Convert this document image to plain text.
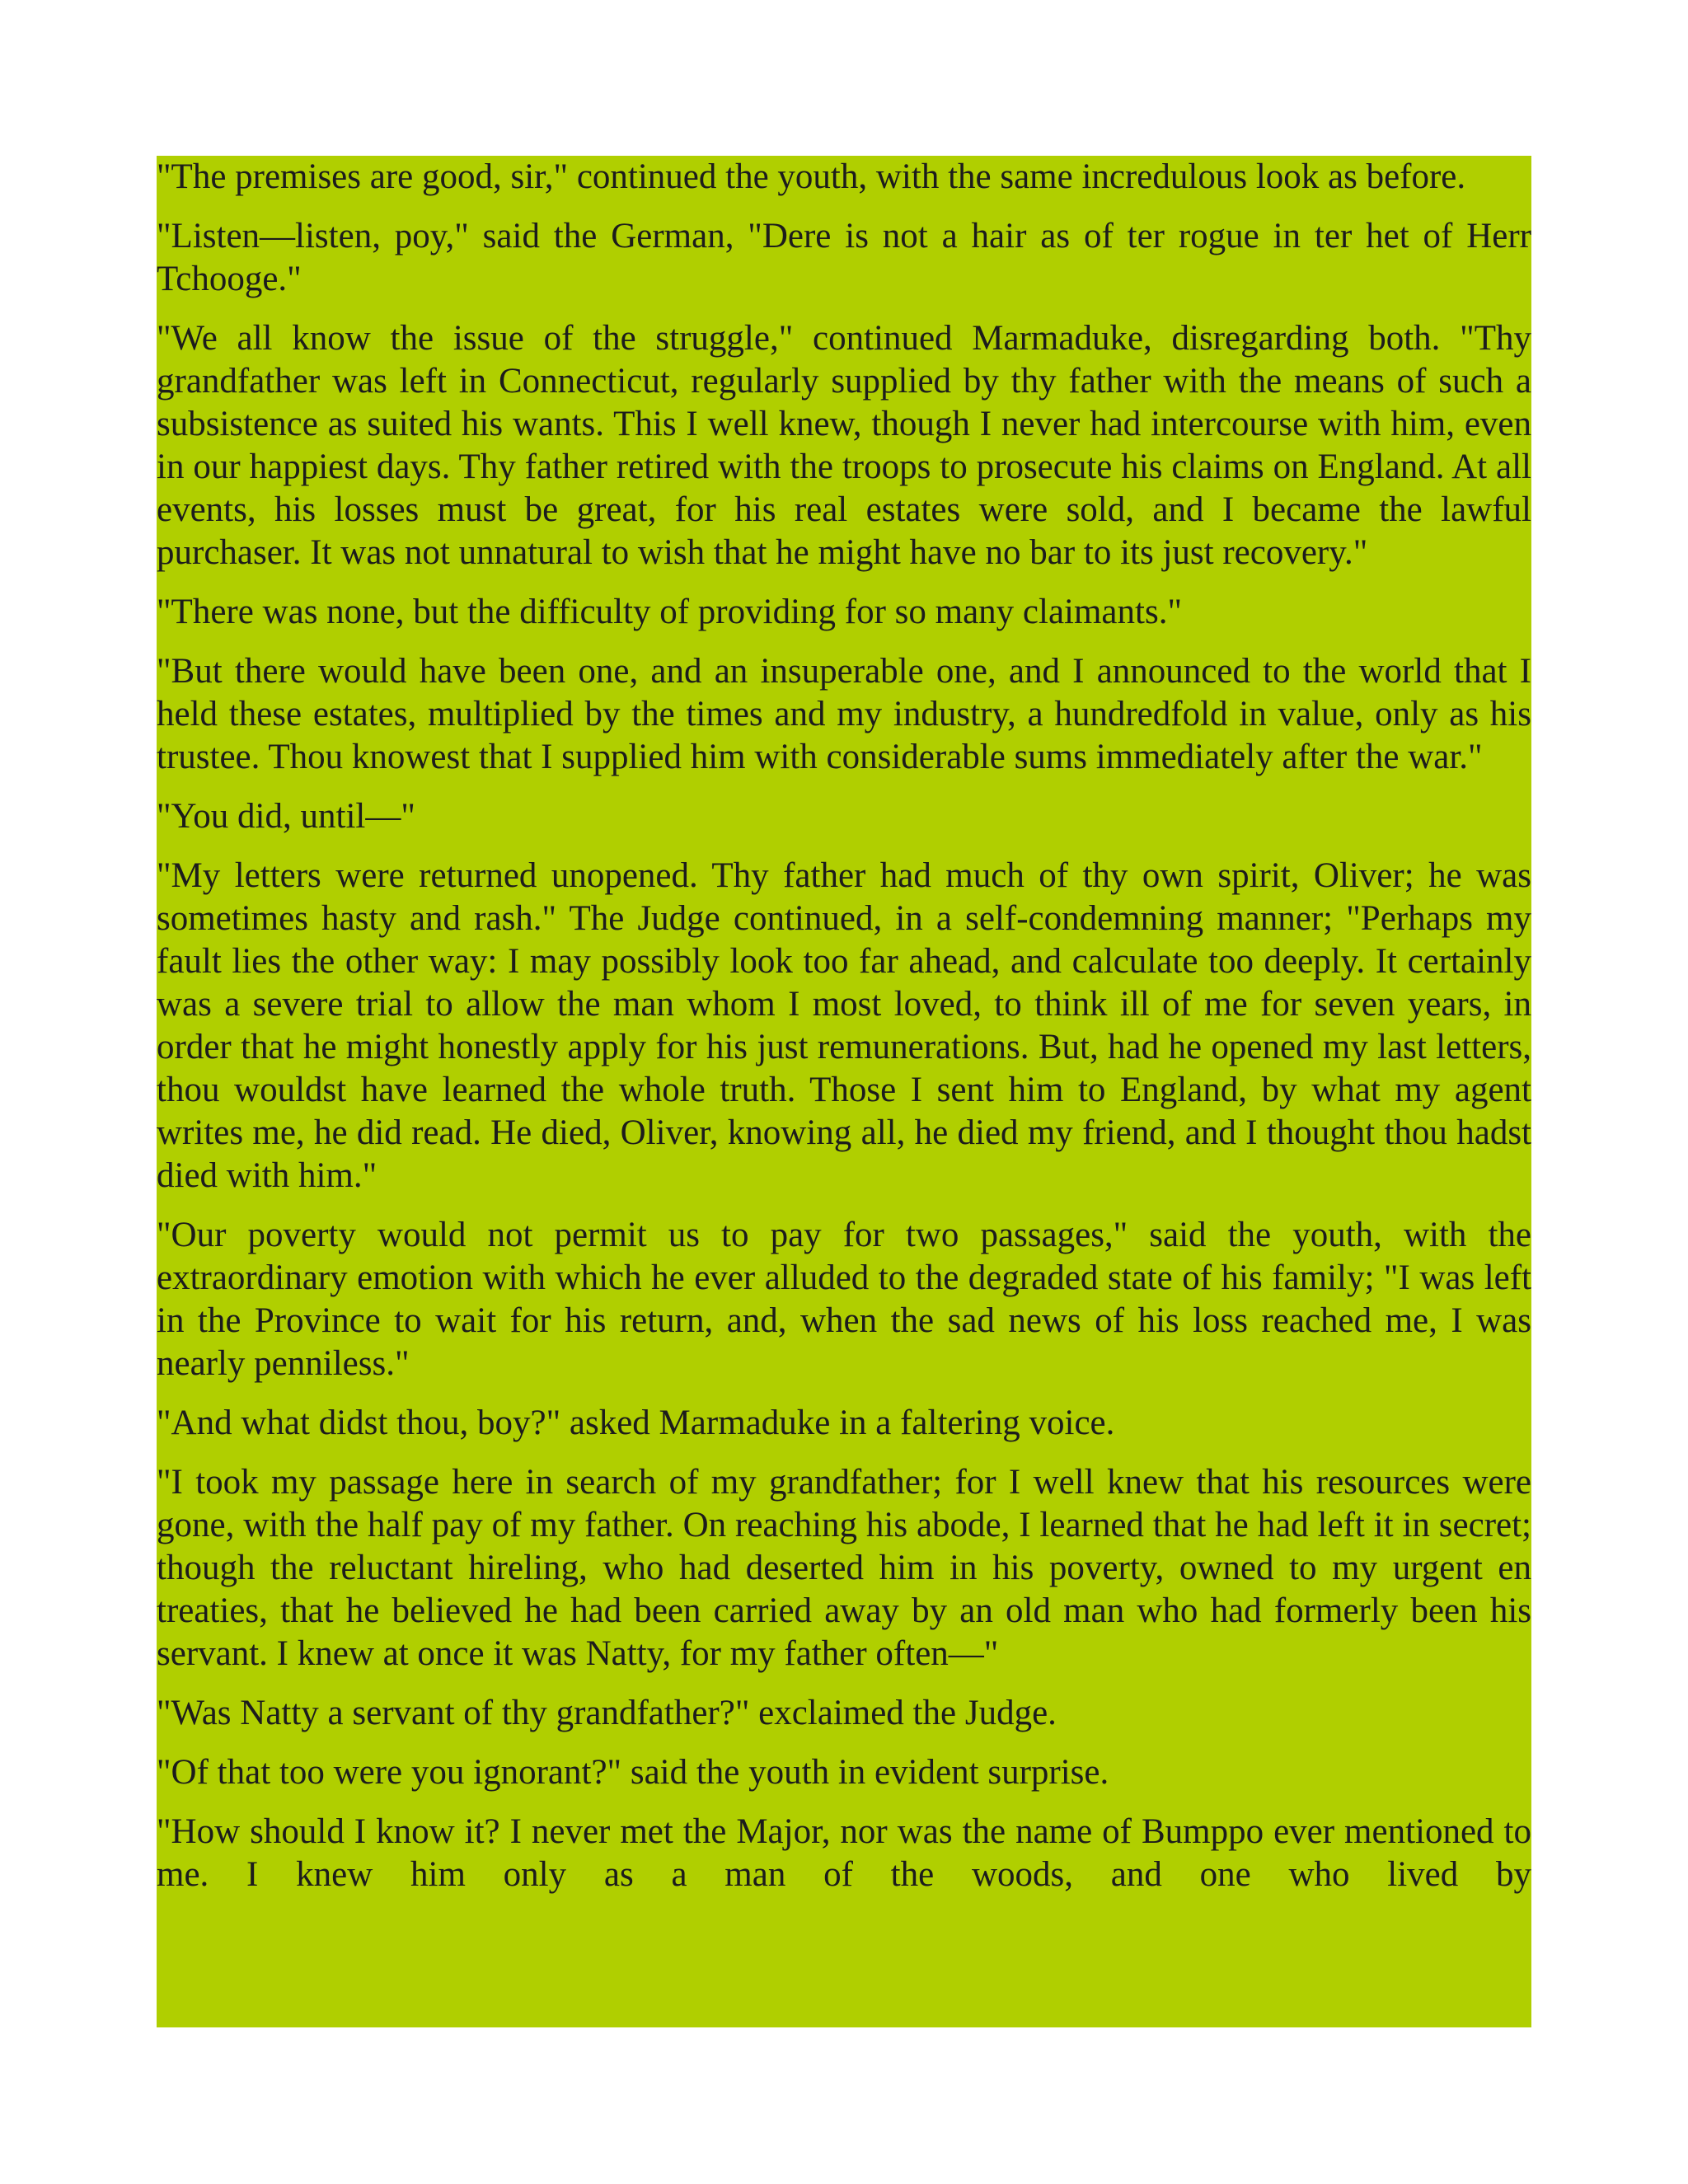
"The premises are good, sir," continued the youth, with the same incredulous look as before.

"Listen—listen, poy," said the German, "Dere is not a hair as of ter rogue in ter het of Herr Tchooge."

"We all know the issue of the struggle," continued Marmaduke, disregarding both. "Thy grandfather was left in Connecticut, regularly supplied by thy father with the means of such a subsistence as suited his wants. This I well knew, though I never had intercourse with him, even in our happiest days. Thy father retired with the troops to prosecute his claims on England. At all events, his losses must be great, for his real estates were sold, and I became the lawful purchaser. It was not unnatural to wish that he might have no bar to its just recovery."

"There was none, but the difficulty of providing for so many claimants."

"But there would have been one, and an insuperable one, and I announced to the world that I held these estates, multiplied by the times and my industry, a hundredfold in value, only as his trustee. Thou knowest that I supplied him with considerable sums immediately after the war."

"You did, until—"

"My letters were returned unopened. Thy father had much of thy own spirit, Oliver; he was sometimes hasty and rash." The Judge continued, in a self-condemning manner; "Perhaps my fault lies the other way: I may possibly look too far ahead, and calculate too deeply. It certainly was a severe trial to allow the man whom I most loved, to think ill of me for seven years, in order that he might honestly apply for his just remunerations. But, had he opened my last letters, thou wouldst have learned the whole truth. Those I sent him to England, by what my agent writes me, he did read. He died, Oliver, knowing all, he died my friend, and I thought thou hadst died with him."

"Our poverty would not permit us to pay for two passages," said the youth, with the extraordinary emotion with which he ever alluded to the degraded state of his family; "I was left in the Province to wait for his return, and, when the sad news of his loss reached me, I was nearly penniless."

"And what didst thou, boy?" asked Marmaduke in a faltering voice.

"I took my passage here in search of my grandfather; for I well knew that his resources were gone, with the half pay of my father. On reaching his abode, I learned that he had left it in secret; though the reluctant hireling, who had deserted him in his poverty, owned to my urgent en treaties, that he believed he had been carried away by an old man who had formerly been his servant. I knew at once it was Natty, for my father often—"

"Was Natty a servant of thy grandfather?" exclaimed the Judge.

"Of that too were you ignorant?" said the youth in evident surprise.

"How should I know it? I never met the Major, nor was the name of Bumppo ever mentioned to me. I knew him only as a man of the woods, and one who lived by
